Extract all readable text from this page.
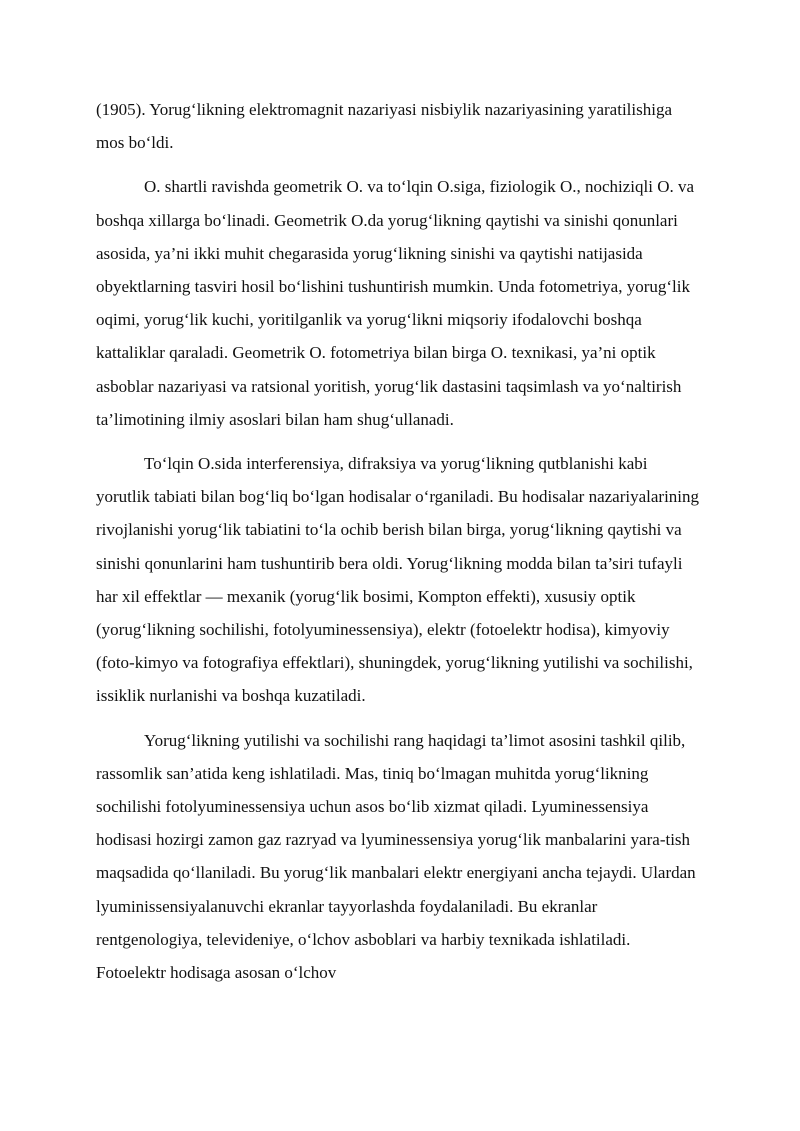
(1905). Yorug‘likning elektromagnit nazariyasi nisbiylik nazariyasining yaratilishiga mos bo‘ldi.

O. shartli ravishda geometrik O. va to‘lqin O.siga, fiziologik O., nochiziqli O. va boshqa xillarga bo‘linadi. Geometrik O.da yorug‘likning qaytishi va sinishi qonunlari asosida, ya’ni ikki muhit chegarasida yorug‘likning sinishi va qaytishi natijasida obyektlarning tasviri hosil bo‘lishini tushuntirish mumkin. Unda fotometriya, yorug‘lik oqimi, yorug‘lik kuchi, yoritilganlik va yorug‘likni miqsoriy ifodalovchi boshqa kattaliklar qaraladi. Geometrik O. fotometriya bilan birga O. texnikasi, ya’ni optik asboblar nazariyasi va ratsional yoritish, yorug‘lik dastasini taqsimlash va yo‘naltirish ta’limotining ilmiy asoslari bilan ham shug‘ullanadi.

To‘lqin O.sida interferensiya, difraksiya va yorug‘likning qutblanishi kabi yorutlik tabiati bilan bog‘liq bo‘lgan hodisalar o‘rganiladi. Bu hodisalar nazariyalarining rivojlanishi yorug‘lik tabiatini to‘la ochib berish bilan birga, yorug‘likning qaytishi va sinishi qonunlarini ham tushuntirib bera oldi. Yorug‘likning modda bilan ta’siri tufayli har xil effektlar — mexanik (yorug‘lik bosimi, Kompton effekti), xususiy optik (yorug‘likning sochilishi, fotolyuminessensiya), elektr (fotoelektr hodisa), kimyoviy (foto-kimyo va fotografiya effektlari), shuningdek, yorug‘likning yutilishi va sochilishi, issiklik nurlanishi va boshqa kuzatiladi.

Yorug‘likning yutilishi va sochilishi rang haqidagi ta’limot asosini tashkil qilib, rassomlik san’atida keng ishlatiladi. Mas, tiniq bo‘lmagan muhitda yorug‘likning sochilishi fotolyuminessensiya uchun asos bo‘lib xizmat qiladi. Lyuminessensiya hodisasi hozirgi zamon gaz razryad va lyuminessensiya yorug‘lik manbalarini yara-tish maqsadida qo‘llaniladi. Bu yorug‘lik manbalari elektr energiyani ancha tejaydi. Ulardan lyuminissensiyalanuvchi ekranlar tayyorlashda foydalaniladi. Bu ekranlar rentgenologiya, televideniye, o‘lchov asboblari va harbiy texnikada ishlatiladi. Fotoelektr hodisaga asosan o‘lchov
